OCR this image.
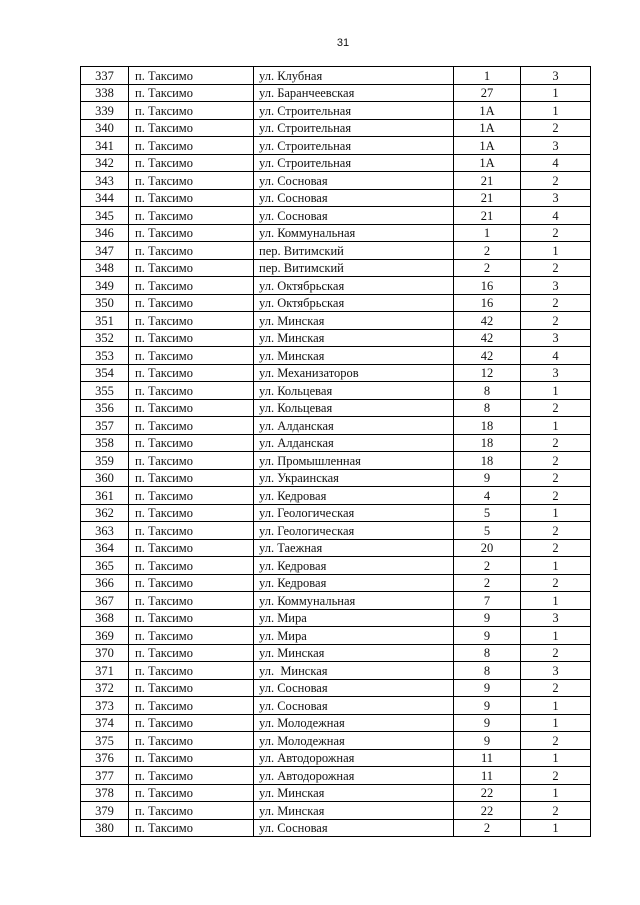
31
337	п. Таксимо	ул. Клубная	1	3
338	п. Таксимо	ул. Баранчеевская	27	1
339	п. Таксимо	ул. Строительная	1А	1
340	п. Таксимо	ул. Строительная	1А	2
341	п. Таксимо	ул. Строительная	1А	3
342	п. Таксимо	ул. Строительная	1А	4
343	п. Таксимо	ул. Сосновая	21	2
344	п. Таксимо	ул. Сосновая	21	3
345	п. Таксимо	ул. Сосновая	21	4
346	п. Таксимо	ул. Коммунальная	1	2
347	п. Таксимо	пер. Витимский	2	1
348	п. Таксимо	пер. Витимский	2	2
349	п. Таксимо	ул. Октябрьская	16	3
350	п. Таксимо	ул. Октябрьская	16	2
351	п. Таксимо	ул. Минская	42	2
352	п. Таксимо	ул. Минская	42	3
353	п. Таксимо	ул. Минская	42	4
354	п. Таксимо	ул. Механизаторов	12	3
355	п. Таксимо	ул. Кольцевая	8	1
356	п. Таксимо	ул. Кольцевая	8	2
357	п. Таксимо	ул. Алданская	18	1
358	п. Таксимо	ул. Алданская	18	2
359	п. Таксимо	ул. Промышленная	18	2
360	п. Таксимо	ул. Украинская	9	2
361	п. Таксимо	ул. Кедровая	4	2
362	п. Таксимо	ул. Геологическая	5	1
363	п. Таксимо	ул. Геологическая	5	2
364	п. Таксимо	ул. Таежная	20	2
365	п. Таксимо	ул. Кедровая	2	1
366	п. Таксимо	ул. Кедровая	2	2
367	п. Таксимо	ул. Коммунальная	7	1
368	п. Таксимо	ул. Мира	9	3
369	п. Таксимо	ул. Мира	9	1
370	п. Таксимо	ул. Минская	8	2
371	п. Таксимо	ул.  Минская	8	3
372	п. Таксимо	ул. Сосновая	9	2
373	п. Таксимо	ул. Сосновая	9	1
374	п. Таксимо	ул. Молодежная	9	1
375	п. Таксимо	ул. Молодежная	9	2
376	п. Таксимо	ул. Автодорожная	11	1
377	п. Таксимо	ул. Автодорожная	11	2
378	п. Таксимо	ул. Минская	22	1
379	п. Таксимо	ул. Минская	22	2
380	п. Таксимо	ул. Сосновая	2	1
